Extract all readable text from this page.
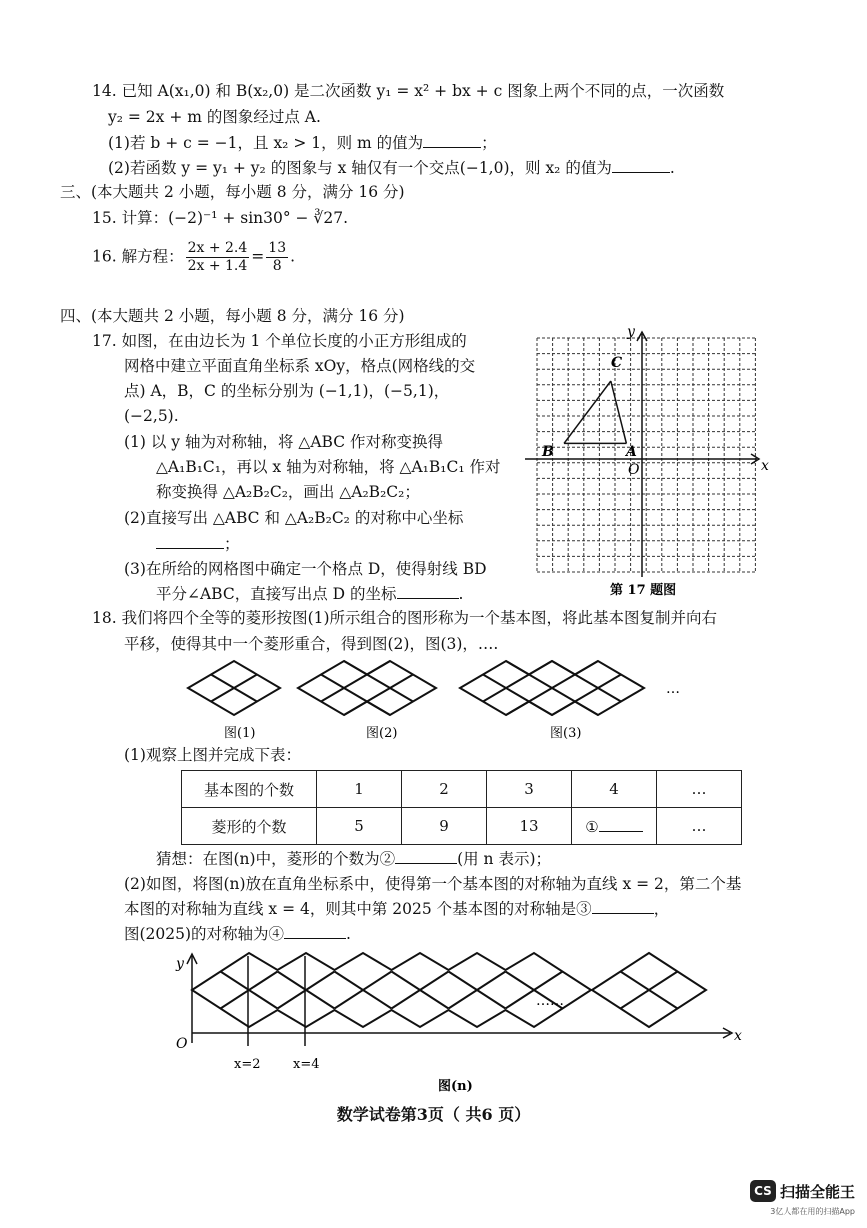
14. 已知 A(x₁,0) 和 B(x₂,0) 是二次函数 y₁ = x² + bx + c 图象上两个不同的点，一次函数
y₂ = 2x + m 的图象经过点 A.
(1)若 b + c = −1，且 x₂ > 1，则 m 的值为	；
(2)若函数 y = y₁ + y₂ 的图象与 x 轴仅有一个交点(−1,0)，则 x₂ 的值为	.
三、(本大题共 2 小题，每小题 8 分，满分 16 分)
15. 计算：(−2)⁻¹ + sin30° − ∛27.
16. 解方程： $\frac{2x + 2.4}{2x + 1.4} = \frac{13}{8}$ .
四、(本大题共 2 小题，每小题 8 分，满分 16 分)
17. 如图，在由边长为 1 个单位长度的小正方形组成的
网格中建立平面直角坐标系 xOy，格点(网格线的交
点) A，B，C 的坐标分别为 (−1,1)，(−5,1)，
(−2,5).
(1) 以 y 轴为对称轴，将 △ABC 作对称变换得
△A₁B₁C₁，再以 x 轴为对称轴，将 △A₁B₁C₁ 作对
称变换得 △A₂B₂C₂，画出 △A₂B₂C₂；
(2)直接写出 △ABC 和 △A₂B₂C₂ 的对称中心坐标
；
(3)在所给的网格图中确定一个格点 D，使得射线 BD
平分∠ABC，直接写出点 D 的坐标	.
x
y
O
A
B
C
第 17 题图
18. 我们将四个全等的菱形按图(1)所示组合的图形称为一个基本图，将此基本图复制并向右
平移，使得其中一个菱形重合，得到图(2)，图(3)，….
…
图(1)	图(2)	图(3)
(1)观察上图并完成下表：
基本图的个数	1	2	3	4	…
菱形的个数	5	9	13	①	…
猜想：在图(n)中，菱形的个数为②	(用 n 表示)；
(2)如图，将图(n)放在直角坐标系中，使得第一个基本图的对称轴为直线 x = 2，第二个基
本图的对称轴为直线 x = 4，则其中第 2025 个基本图的对称轴是③	，
图(2025)的对称轴为④	.
……
y
x
O
x=2	x=4
图(n)
数学试卷第3页（ 共6 页）
CS 扫描全能王
3亿人都在用的扫描App
